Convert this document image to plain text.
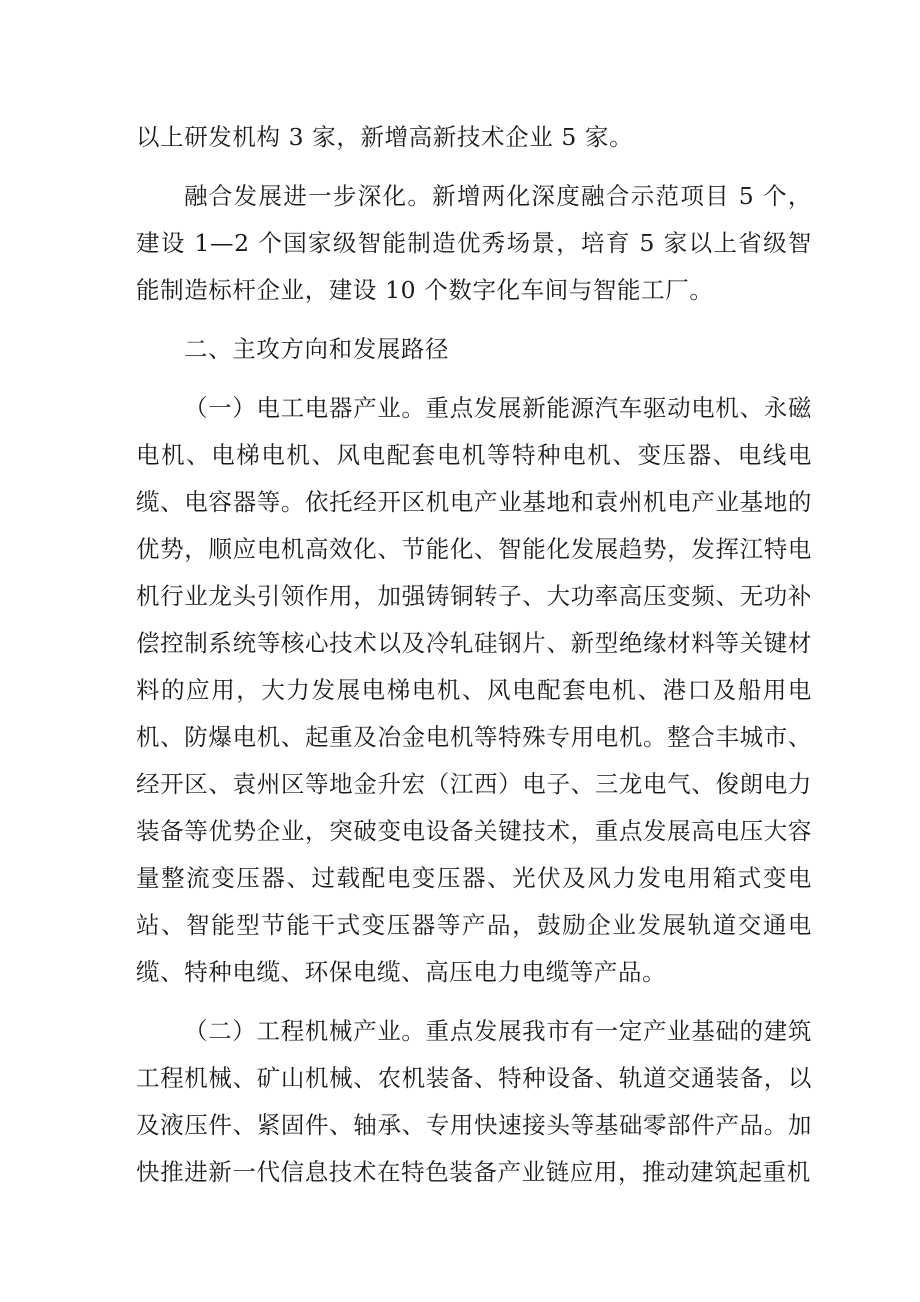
以上研发机构 3 家，新增高新技术企业 5 家。

融合发展进一步深化。新增两化深度融合示范项目 5 个，建设 1—2 个国家级智能制造优秀场景，培育 5 家以上省级智能制造标杆企业，建设 10 个数字化车间与智能工厂。

二、主攻方向和发展路径

（一）电工电器产业。重点发展新能源汽车驱动电机、永磁电机、电梯电机、风电配套电机等特种电机、变压器、电线电缆、电容器等。依托经开区机电产业基地和袁州机电产业基地的优势，顺应电机高效化、节能化、智能化发展趋势，发挥江特电机行业龙头引领作用，加强铸铜转子、大功率高压变频、无功补偿控制系统等核心技术以及冷轧硅钢片、新型绝缘材料等关键材料的应用，大力发展电梯电机、风电配套电机、港口及船用电机、防爆电机、起重及冶金电机等特殊专用电机。整合丰城市、经开区、袁州区等地金升宏（江西）电子、三龙电气、俊朗电力装备等优势企业，突破变电设备关键技术，重点发展高电压大容量整流变压器、过载配电变压器、光伏及风力发电用箱式变电站、智能型节能干式变压器等产品，鼓励企业发展轨道交通电缆、特种电缆、环保电缆、高压电力电缆等产品。

（二）工程机械产业。重点发展我市有一定产业基础的建筑工程机械、矿山机械、农机装备、特种设备、轨道交通装备，以及液压件、紧固件、轴承、专用快速接头等基础零部件产品。加快推进新一代信息技术在特色装备产业链应用，推动建筑起重机
